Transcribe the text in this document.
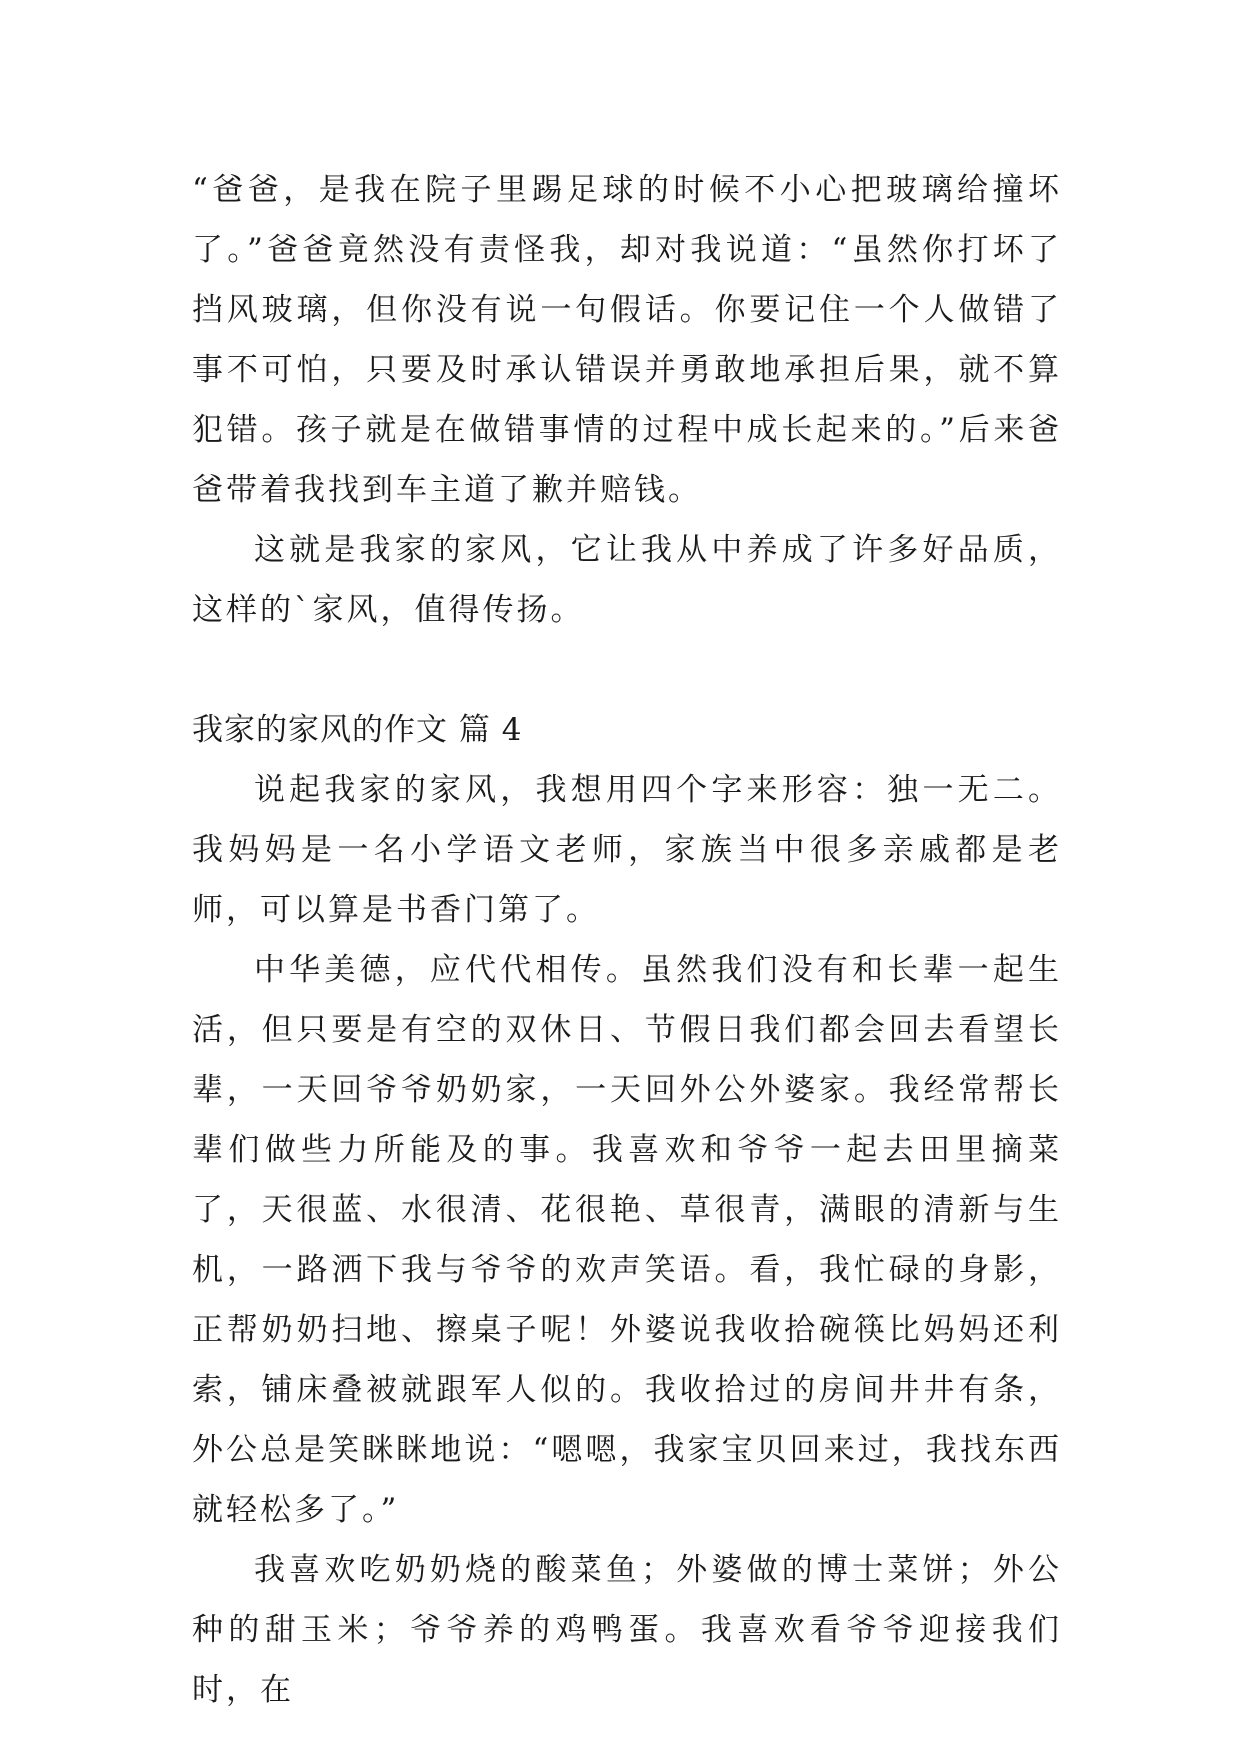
“爸爸，是我在院子里踢足球的时候不小心把玻璃给撞坏了。”爸爸竟然没有责怪我，却对我说道：“虽然你打坏了挡风玻璃，但你没有说一句假话。你要记住一个人做错了事不可怕，只要及时承认错误并勇敢地承担后果，就不算犯错。孩子就是在做错事情的过程中成长起来的。”后来爸爸带着我找到车主道了歉并赔钱。

这就是我家的家风，它让我从中养成了许多好品质，这样的`家风，值得传扬。

我家的家风的作文 篇 4

说起我家的家风，我想用四个字来形容：独一无二。我妈妈是一名小学语文老师，家族当中很多亲戚都是老师，可以算是书香门第了。

中华美德，应代代相传。虽然我们没有和长辈一起生活，但只要是有空的双休日、节假日我们都会回去看望长辈，一天回爷爷奶奶家，一天回外公外婆家。我经常帮长辈们做些力所能及的事。我喜欢和爷爷一起去田里摘菜了，天很蓝、水很清、花很艳、草很青，满眼的清新与生机，一路洒下我与爷爷的欢声笑语。看，我忙碌的身影，正帮奶奶扫地、擦桌子呢！外婆说我收拾碗筷比妈妈还利索，铺床叠被就跟军人似的。我收拾过的房间井井有条，外公总是笑眯眯地说：“嗯嗯，我家宝贝回来过，我找东西就轻松多了。”

我喜欢吃奶奶烧的酸菜鱼；外婆做的博士菜饼；外公种的甜玉米；爷爷养的鸡鸭蛋。我喜欢看爷爷迎接我们时，在
